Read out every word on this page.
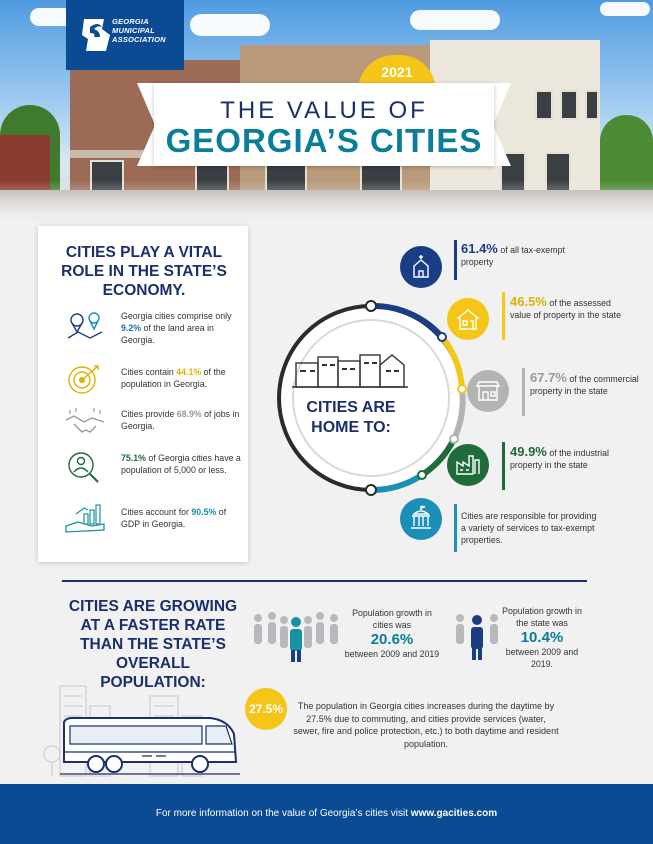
GEORGIA
MUNICIPAL
ASSOCIATION
2021
THE VALUE OF
GEORGIA’S CITIES
CITIES PLAY A VITAL ROLE IN THE STATE’S ECONOMY.
Georgia cities comprise only 9.2% of the land area in Georgia.
Cities contain 44.1% of the population in Georgia.
Cities provide 68.9% of jobs in Georgia.
75.1% of Georgia cities have a population of 5,000 or less.
Cities account for 90.5% of GDP in Georgia.
CITIES ARE HOME TO:
61.4% of all tax-exempt property
46.5% of the assessed value of property in the state
67.7% of the commercial property in the state
49.9% of the industrial property in the state
Cities are responsible for providing a variety of services to tax-exempt properties.
CITIES ARE GROWING AT A FASTER RATE THAN THE STATE’S OVERALL POPULATION:
Population growth in cities was
20.6%
between 2009 and 2019
Population growth in the state was
10.4%
between 2009 and 2019.
27.5%	The population in Georgia cities increases during the daytime by 27.5% due to commuting, and cities provide services (water, sewer, fire and police protection, etc.) to both daytime and resident population.
For more information on the value of Georgia’s cities visit www.gacities.com
